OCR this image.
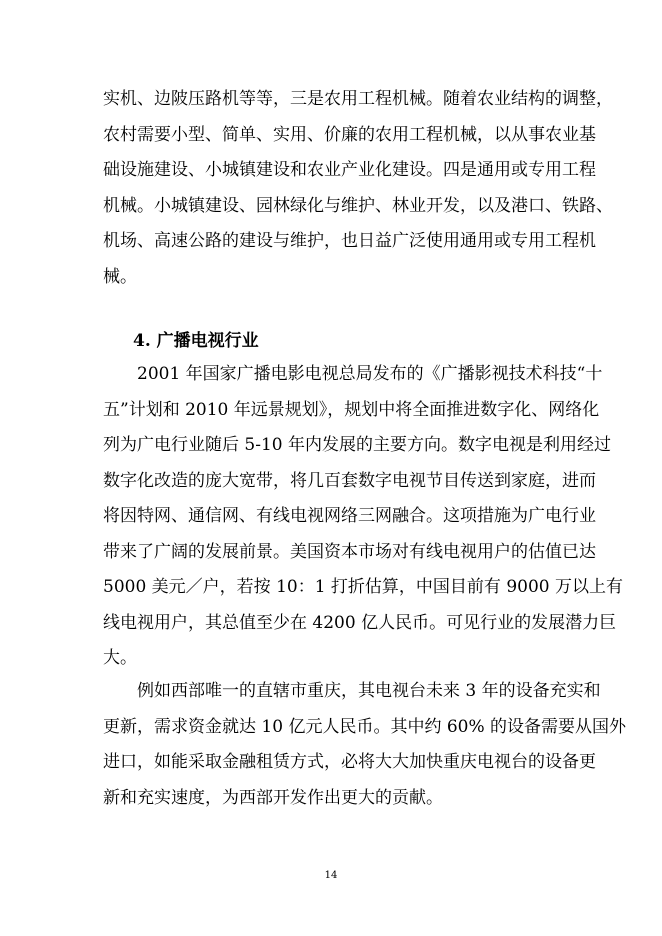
实机、边陂压路机等等，三是农用工程机械。随着农业结构的调整，
农村需要小型、简单、实用、价廉的农用工程机械，以从事农业基
础设施建设、小城镇建设和农业产业化建设。四是通用或专用工程
机械。小城镇建设、园林绿化与维护、林业开发，以及港口、铁路、
机场、高速公路的建设与维护，也日益广泛使用通用或专用工程机
械。
4. 广播电视行业
　　2001 年国家广播电影电视总局发布的《广播影视技术科技“十
五”计划和 2010 年远景规划》，规划中将全面推进数字化、网络化
列为广电行业随后 5-10 年内发展的主要方向。数字电视是利用经过
数字化改造的庞大宽带，将几百套数字电视节目传送到家庭，进而
将因特网、通信网、有线电视网络三网融合。这项措施为广电行业
带来了广阔的发展前景。美国资本市场对有线电视用户的估值已达
5000 美元／户，若按 10：1 打折估算，中国目前有 9000 万以上有
线电视用户，其总值至少在 4200 亿人民币。可见行业的发展潜力巨
大。
　　例如西部唯一的直辖市重庆，其电视台未来 3 年的设备充实和
更新，需求资金就达 10 亿元人民币。其中约 60% 的设备需要从国外
进口，如能采取金融租赁方式，必将大大加快重庆电视台的设备更
新和充实速度，为西部开发作出更大的贡献。
14
